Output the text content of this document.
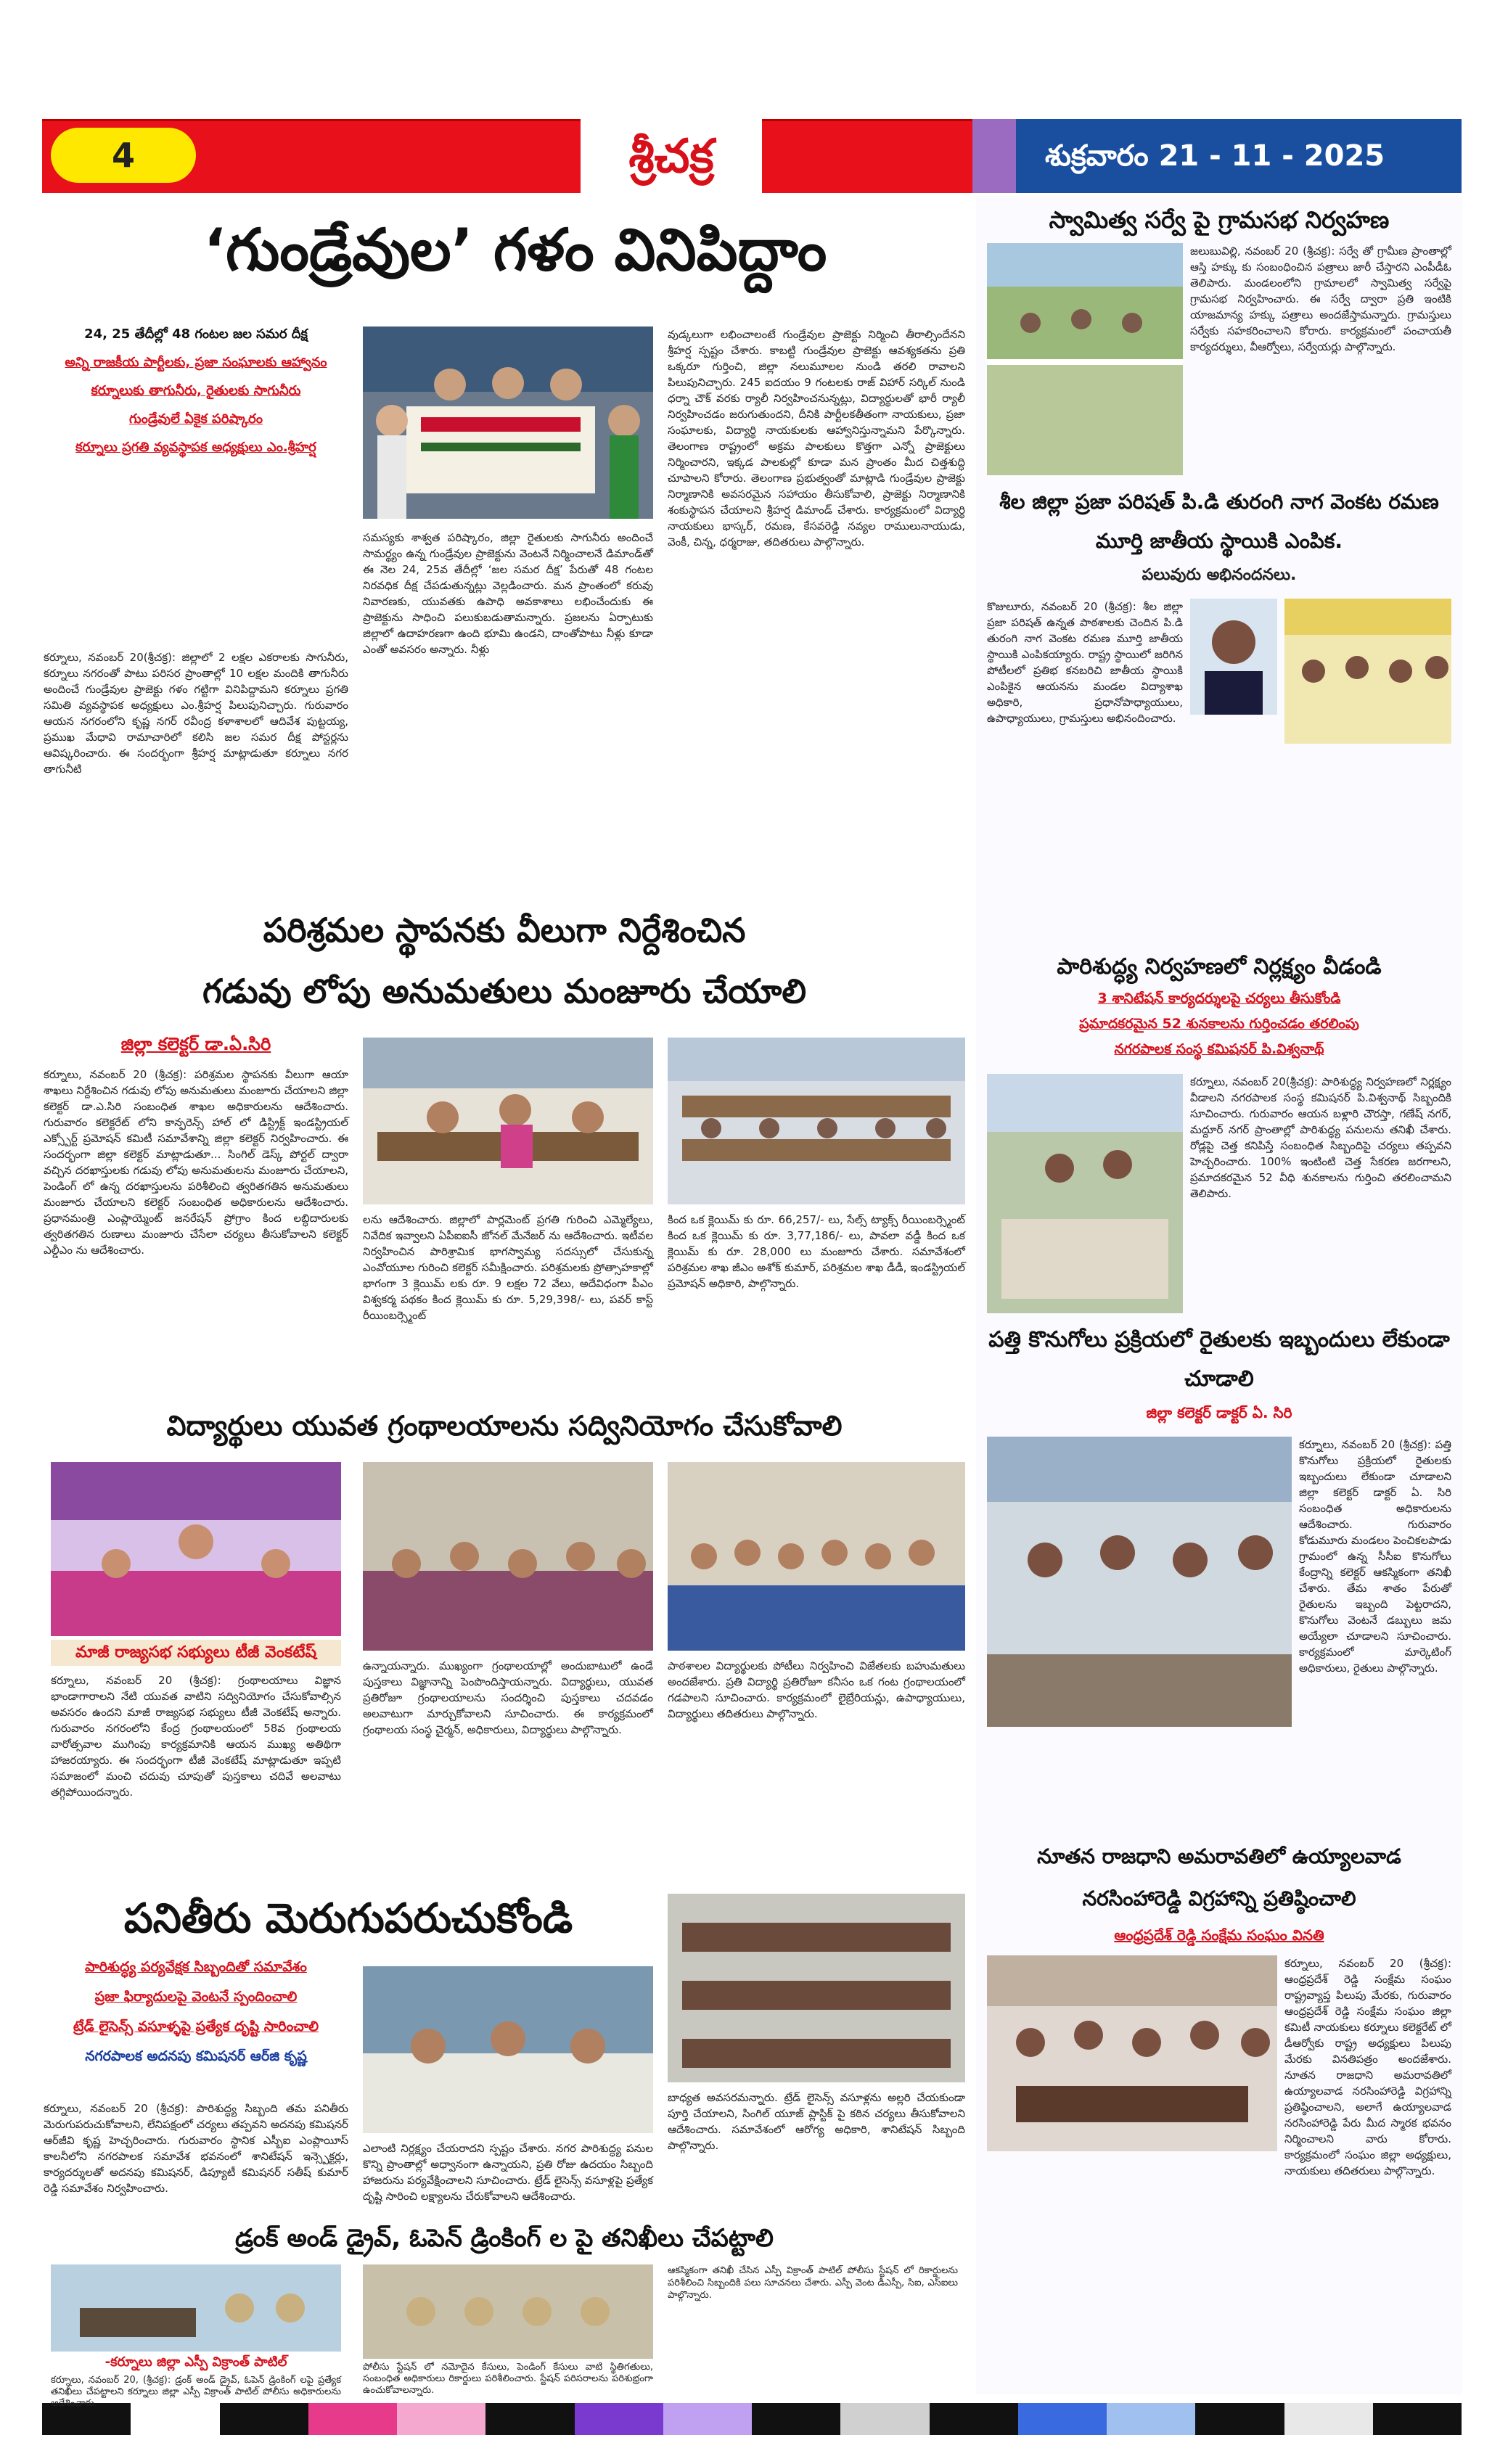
4	శ్రీచక్ర	శుక్రవారం 21 - 11 - 2025
‘గుండ్రేవుల’ గళం వినిపిద్దాం
24, 25 తేదీల్లో 48 గంటల జల సమర దీక్ష
అన్ని రాజకీయ పార్టీలకు, ప్రజా సంఘాలకు ఆహ్వానం
కర్నూలుకు తాగునీరు, రైతులకు సాగునీరు
గుండ్రేవులే ఏకైక పరిష్కారం
కర్నూలు ప్రగతి వ్యవస్థాపక అధ్యక్షులు ఎం.శ్రీహర్ష
కర్నూలు, నవంబర్ 20(శ్రీచక్ర): జిల్లాలో 2 లక్షల ఎకరాలకు సాగునీరు, కర్నూలు నగరంతో పాటు పరిసర ప్రాంతాల్లో 10 లక్షల మందికి తాగునీరు అందించే గుండ్రేవుల ప్రాజెక్టు గళం గట్టిగా వినిపిద్దామని కర్నూలు ప్రగతి సమితి వ్యవస్థాపక అధ్యక్షులు ఎం.శ్రీహర్ష పిలుపునిచ్చారు. గురువారం ఆయన నగరంలోని కృష్ణ నగర్ రవీంద్ర కళాశాలలో ఆదివేశ పుట్టయ్య, ప్రముఖ మేధావి రామాచారిలో కలిసి జల సమర దీక్ష పోస్టర్లను ఆవిష్కరించారు. ఈ సందర్భంగా శ్రీహర్ష మాట్లాడుతూ కర్నూలు నగర తాగునీటి
సమస్యకు శాశ్వత పరిష్కారం, జిల్లా రైతులకు సాగునీరు అందించే సామర్థ్యం ఉన్న గుండ్రేవుల ప్రాజెక్టును వెంటనే నిర్మించాలనే డిమాండ్‌తో ఈ నెల 24, 25వ తేదీల్లో ‘జల సమర దీక్ష’ పేరుతో 48 గంటల నిరవధిక దీక్ష చేపడుతున్నట్లు వెల్లడించారు. మన ప్రాంతంలో కరువు నివారణకు, యువతకు ఉపాధి అవకాశాలు లభించేందుకు ఈ ప్రాజెక్టును సాధించి పలుకుబడుతామన్నారు. ప్రజలను ఏర్పాటుకు జిల్లాలో ఉదాహరణగా ఉంది భూమి ఉండని, దాంతోపాటు నీళ్లు కూడా ఎంతో అవసరం అన్నారు. నీళ్లు
వుడ్కలుగా లభించాలంటే గుండ్రేవుల ప్రాజెక్టు నిర్మించి తీరాల్సిందేనని శ్రీహర్ష స్పష్టం చేశారు. కాబట్టి గుండ్రేవుల ప్రాజెక్టు ఆవశ్యకతను ప్రతి ఒక్కరూ గుర్తించి, జిల్లా నలుమూలల నుండి తరలి రావాలని పిలుపునిచ్చారు. 245 ఐదయం 9 గంటలకు రాజ్ విహార్ సర్కిల్ నుండి ధర్నా చౌక్ వరకు ర్యాలీ నిర్వహించనున్నట్లు, విద్యార్థులతో భారీ ర్యాలీ నిర్వహించడం జరుగుతుందని, దీనికి పార్టీలకతీతంగా నాయకులు, ప్రజా సంఘాలకు, విద్యార్థి నాయకులకు ఆహ్వానిస్తున్నామని పేర్కొన్నారు. తెలంగాణ రాష్ట్రంలో అక్రమ పాలకులు కొత్తగా ఎన్నో ప్రాజెక్టులు నిర్మించారని, ఇక్కడ పాలకుల్లో కూడా మన ప్రాంతం మీద చిత్తశుద్ధి చూపాలని కోరారు. తెలంగాణ ప్రభుత్వంతో మాట్లాడి గుండ్రేవుల ప్రాజెక్టు నిర్మాణానికి అవసరమైన సహాయం తీసుకోవాలి, ప్రాజెక్టు నిర్మాణానికి శంకుస్థాపన చేయాలని శ్రీహర్ష డిమాండ్ చేశారు. కార్యక్రమంలో విద్యార్థి నాయకులు భాస్కర్, రమణ, కేసవరెడ్డి నవ్యల రాములునాయుడు, వెంకీ, చిన్న, ధర్మరాజు, తదితరులు పాల్గొన్నారు.
పరిశ్రమల స్థాపనకు వీలుగా నిర్దేశించిన
గడువు లోపు అనుమతులు మంజూరు చేయాలి
జిల్లా కలెక్టర్ డా.ఏ.సిరి
కర్నూలు, నవంబర్ 20 (శ్రీచక్ర): పరిశ్రమల స్థాపనకు వీలుగా ఆయా శాఖలు నిర్దేశించిన గడువు లోపు అనుమతులు మంజూరు చేయాలని జిల్లా కలెక్టర్ డా.ఎ.సిరి సంబంధిత శాఖల అధికారులను ఆదేశించారు. గురువారం కలెక్టరేట్ లోని కాన్ఫరెన్స్ హాల్ లో డిస్ట్రిక్ట్ ఇండస్ట్రియల్ ఎక్స్పోర్ట్ ప్రమోషన్ కమిటీ సమావేశాన్ని జిల్లా కలెక్టర్ నిర్వహించారు. ఈ సందర్భంగా జిల్లా కలెక్టర్ మాట్లాడుతూ... సింగిల్ డెస్క్ పోర్టల్ ద్వారా వచ్చిన దరఖాస్తులకు గడువు లోపు అనుమతులను మంజూరు చేయాలని, పెండింగ్ లో ఉన్న దరఖాస్తులను పరిశీలించి త్వరితగతిన అనుమతులు మంజూరు చేయాలని కలెక్టర్ సంబంధిత అధికారులను ఆదేశించారు. ప్రధానమంత్రి ఎంప్లాయ్మెంట్ జనరేషన్ ప్రోగ్రాం కింద లబ్ధిదారులకు త్వరితగతిన రుణాలు మంజూరు చేసేలా చర్యలు తీసుకోవాలని కలెక్టర్ ఎల్డీఎం ను ఆదేశించారు.
లను ఆదేశించారు. జిల్లాలో పార్లమెంట్ ప్రగతి గురించి ఎమ్మెల్యేలు, నివేదిక ఇవ్వాలని ఏపీఐఐసీ జోనల్ మేనేజర్ ను ఆదేశించారు. ఇటీవల నిర్వహించిన పారిశ్రామిక భాగస్వామ్య సదస్సులో చేసుకున్న ఎంవోయూల గురించి కలెక్టర్ సమీక్షించారు. పరిశ్రమలకు ప్రోత్సాహకాల్లో భాగంగా 3 క్లెయిమ్ లకు రూ. 9 లక్షల 72 వేలు, అదేవిధంగా పీఎం విశ్వకర్మ పథకం కింద క్లెయిమ్ కు రూ. 5,29,398/- లు, పవర్ కాస్ట్ రీయింబర్స్మెంట్
కింద ఒక క్లెయిమ్ కు రూ. 66,257/- లు, సేల్స్ ట్యాక్స్ రీయింబర్స్మెంట్ కింద ఒక క్లెయిమ్ కు రూ. 3,77,186/- లు, పావలా వడ్డీ కింద ఒక క్లెయిమ్ కు రూ. 28,000 లు మంజూరు చేశారు. సమావేశంలో పరిశ్రమల శాఖ జీఎం అశోక్ కుమార్, పరిశ్రమల శాఖ డీడీ, ఇండస్ట్రియల్ ప్రమోషన్ అధికారి, పాల్గొన్నారు.
విద్యార్థులు యువత గ్రంథాలయాలను సద్వినియోగం చేసుకోవాలి
మాజీ రాజ్యసభ సభ్యులు టీజీ వెంకటేష్
కర్నూలు, నవంబర్ 20 (శ్రీచక్ర): గ్రంథాలయాలు విజ్ఞాన భాండాగారాలని నేటి యువత వాటిని సద్వినియోగం చేసుకోవాల్సిన అవసరం ఉందని మాజీ రాజ్యసభ సభ్యులు టీజీ వెంకటేష్ అన్నారు. గురువారం నగరంలోని కేంద్ర గ్రంథాలయంలో 58వ గ్రంథాలయ వారోత్సవాల ముగింపు కార్యక్రమానికి ఆయన ముఖ్య అతిథిగా హాజరయ్యారు. ఈ సందర్భంగా టీజీ వెంకటేష్ మాట్లాడుతూ ఇప్పటి సమాజంలో మంచి చదువు చూపుతో పుస్తకాలు చదివే అలవాటు తగ్గిపోయిందన్నారు.
ఉన్నాయన్నారు. ముఖ్యంగా గ్రంథాలయాల్లో అందుబాటులో ఉండే పుస్తకాలు విజ్ఞానాన్ని పెంపొందిస్తాయన్నారు. విద్యార్థులు, యువత ప్రతిరోజూ గ్రంథాలయాలను సందర్శించి పుస్తకాలు చదవడం అలవాటుగా మార్చుకోవాలని సూచించారు. ఈ కార్యక్రమంలో గ్రంథాలయ సంస్థ చైర్మన్, అధికారులు, విద్యార్థులు పాల్గొన్నారు.
పాఠశాలల విద్యార్థులకు పోటీలు నిర్వహించి విజేతలకు బహుమతులు అందజేశారు. ప్రతి విద్యార్థి ప్రతిరోజూ కనీసం ఒక గంట గ్రంథాలయంలో గడపాలని సూచించారు. కార్యక్రమంలో లైబ్రేరియన్లు, ఉపాధ్యాయులు, విద్యార్థులు తదితరులు పాల్గొన్నారు.
పనితీరు మెరుగుపరుచుకోండి
పారిశుద్ధ్య పర్యవేక్షక సిబ్బందితో సమావేశం
ప్రజా ఫిర్యాదులపై వెంటనే స్పందించాలి
ట్రేడ్ లైసెన్స్ వసూళ్ళపై ప్రత్యేక దృష్టి సారించాలి
నగరపాలక అదనపు కమిషనర్ ఆర్‌జి కృష్ణ
కర్నూలు, నవంబర్ 20 (శ్రీచక్ర): పారిశుద్ధ్య సిబ్బంది తమ పనితీరు మెరుగుపరుచుకోవాలని, లేనిపక్షంలో చర్యలు తప్పవని అదనపు కమిషనర్ ఆర్‌జీవి కృష్ణ హెచ్చరించారు. గురువారం స్థానిక ఎస్బీఐ ఎంప్లాయీస్ కాలనీలోని నగరపాలక సమావేశ భవనంలో శానిటేషన్ ఇన్స్పెక్టర్లు, కార్యదర్శులతో అదనపు కమిషనర్, డిప్యూటీ కమిషనర్ సతీష్ కుమార్ రెడ్డి సమావేశం నిర్వహించారు.
ఎలాంటి నిర్లక్ష్యం చేయరాదని స్పష్టం చేశారు. నగర పారిశుద్ధ్య పనుల కొన్ని ప్రాంతాల్లో అధ్వానంగా ఉన్నాయని, ప్రతి రోజు ఉదయం సిబ్బంది హాజరును పర్యవేక్షించాలని సూచించారు. ట్రేడ్ లైసెన్స్ వసూళ్లపై ప్రత్యేక దృష్టి సారించి లక్ష్యాలను చేరుకోవాలని ఆదేశించారు.
బాధ్యత అవసరమన్నారు. ట్రేడ్ లైసెన్స్ వసూళ్లను అల్లరి చేయకుండా పూర్తి చేయాలని, సింగిల్ యూజ్ ప్లాస్టిక్ పై కఠిన చర్యలు తీసుకోవాలని ఆదేశించారు. సమావేశంలో ఆరోగ్య అధికారి, శానిటేషన్ సిబ్బంది పాల్గొన్నారు.
స్వామిత్వ సర్వే పై గ్రామసభ నిర్వహణ
జలుబువిల్లి, నవంబర్ 20 (శ్రీచక్ర): సర్వే తో గ్రామీణ ప్రాంతాల్లో ఆస్తి హక్కు కు సంబంధించిన పత్రాలు జారీ చేస్తారని ఎంపీడీఓ తెలిపారు. మండలంలోని గ్రామాలలో స్వామిత్వ సర్వేపై గ్రామసభ నిర్వహించారు. ఈ సర్వే ద్వారా ప్రతి ఇంటికి యాజమాన్య హక్కు పత్రాలు అందజేస్తామన్నారు. గ్రామస్తులు సర్వేకు సహకరించాలని కోరారు. కార్యక్రమంలో పంచాయతీ కార్యదర్శులు, వీఆర్వోలు, సర్వేయర్లు పాల్గొన్నారు.
శీల జిల్లా ప్రజా పరిషత్ పి.డి తురంగి నాగ వెంకట రమణ మూర్తి జాతీయ స్థాయికి ఎంపిక.
పలువురు అభినందనలు.
కొజులూరు, నవంబర్ 20 (శ్రీచక్ర): శీల జిల్లా ప్రజా పరిషత్ ఉన్నత పాఠశాలకు చెందిన పి.డి తురంగి నాగ వెంకట రమణ మూర్తి జాతీయ స్థాయికి ఎంపికయ్యారు. రాష్ట్ర స్థాయిలో జరిగిన పోటీలలో ప్రతిభ కనబరిచి జాతీయ స్థాయికి ఎంపికైన ఆయనను మండల విద్యాశాఖ అధికారి, ప్రధానోపాధ్యాయులు, ఉపాధ్యాయులు, గ్రామస్తులు అభినందించారు.
పారిశుద్ధ్య నిర్వహణలో నిర్లక్ష్యం వీడండి
3 శానిటేషన్ కార్యదర్శులపై చర్యలు తీసుకోండి
ప్రమాదకరమైన 52 శునకాలను గుర్తించడం తరలింపు
నగరపాలక సంస్థ కమిషనర్ పి.విశ్వనాథ్
కర్నూలు, నవంబర్ 20(శ్రీచక్ర): పారిశుద్ధ్య నిర్వహణలో నిర్లక్ష్యం వీడాలని నగరపాలక సంస్థ కమిషనర్ పి.విశ్వనాథ్ సిబ్బందికి సూచించారు. గురువారం ఆయన బళ్లారి చౌరస్తా, గణేష్ నగర్, మద్దూర్ నగర్ ప్రాంతాల్లో పారిశుద్ధ్య పనులను తనిఖీ చేశారు. రోడ్లపై చెత్త కనిపిస్తే సంబంధిత సిబ్బందిపై చర్యలు తప్పవని హెచ్చరించారు. 100% ఇంటింటి చెత్త సేకరణ జరగాలని, ప్రమాదకరమైన 52 వీధి శునకాలను గుర్తించి తరలించామని తెలిపారు.
పత్తి కొనుగోలు ప్రక్రియలో రైతులకు ఇబ్బందులు లేకుండా చూడాలి
జిల్లా కలెక్టర్ డాక్టర్ ఏ. సిరి
కర్నూలు, నవంబర్ 20 (శ్రీచక్ర): పత్తి కొనుగోలు ప్రక్రియలో రైతులకు ఇబ్బందులు లేకుండా చూడాలని జిల్లా కలెక్టర్ డాక్టర్ ఏ. సిరి సంబంధిత అధికారులను ఆదేశించారు. గురువారం కోడుమూరు మండలం పెంచికలపాడు గ్రామంలో ఉన్న సీసీఐ కొనుగోలు కేంద్రాన్ని కలెక్టర్ ఆకస్మికంగా తనిఖీ చేశారు. తేమ శాతం పేరుతో రైతులను ఇబ్బంది పెట్టరాదని, కొనుగోలు వెంటనే డబ్బులు జమ అయ్యేలా చూడాలని సూచించారు. కార్యక్రమంలో మార్కెటింగ్ అధికారులు, రైతులు పాల్గొన్నారు.
నూతన రాజధాని అమరావతిలో ఉయ్యాలవాడ
నరసింహారెడ్డి విగ్రహాన్ని ప్రతిష్ఠించాలి
ఆంధ్రప్రదేశ్ రెడ్డి సంక్షేమ సంఘం వినతి
కర్నూలు, నవంబర్ 20 (శ్రీచక్ర): ఆంధ్రప్రదేశ్ రెడ్డి సంక్షేమ సంఘం రాష్ట్రవ్యాప్త పిలుపు మేరకు, గురువారం ఆంధ్రప్రదేశ్ రెడ్డి సంక్షేమ సంఘం జిల్లా కమిటీ నాయకులు కర్నూలు కలెక్టరేట్ లో డీఆర్వోకు రాష్ట్ర అధ్యక్షులు పిలుపు మేరకు వినతిపత్రం అందజేశారు. నూతన రాజధాని అమరావతిలో ఉయ్యాలవాడ నరసింహారెడ్డి విగ్రహాన్ని ప్రతిష్ఠించాలని, అలాగే ఉయ్యాలవాడ నరసింహారెడ్డి పేరు మీద స్మారక భవనం నిర్మించాలని వారు కోరారు. కార్యక్రమంలో సంఘం జిల్లా అధ్యక్షులు, నాయకులు తదితరులు పాల్గొన్నారు.
డ్రంక్ అండ్ డ్రైవ్, ఓపెన్ డ్రింకింగ్ ల పై తనిఖీలు చేపట్టాలి
-కర్నూలు జిల్లా ఎస్పీ విక్రాంత్ పాటిల్
కర్నూలు, నవంబర్ 20, (శ్రీచక్ర): డ్రంక్ అండ్ డ్రైవ్, ఓపెన్ డ్రింకింగ్ లపై ప్రత్యేక తనిఖీలు చేపట్టాలని కర్నూలు జిల్లా ఎస్పీ విక్రాంత్ పాటిల్ పోలీసు అధికారులను ఆదేశించారు.
పోలీసు స్టేషన్ లో నమోదైన కేసులు, పెండింగ్ కేసులు వాటి స్థితిగతులు, సంబంధిత అధికారులు రికార్డులు పరిశీలించారు. స్టేషన్ పరిసరాలను పరిశుభ్రంగా ఉంచుకోవాలన్నారు.
ఆకస్మికంగా తనిఖీ చేసిన ఎస్పీ విక్రాంత్ పాటిల్ పోలీసు స్టేషన్ లో రికార్డులను పరిశీలించి సిబ్బందికి పలు సూచనలు చేశారు. ఎస్పీ వెంట డీఎస్పీ, సిఐ, ఎస్ఐలు పాల్గొన్నారు.
